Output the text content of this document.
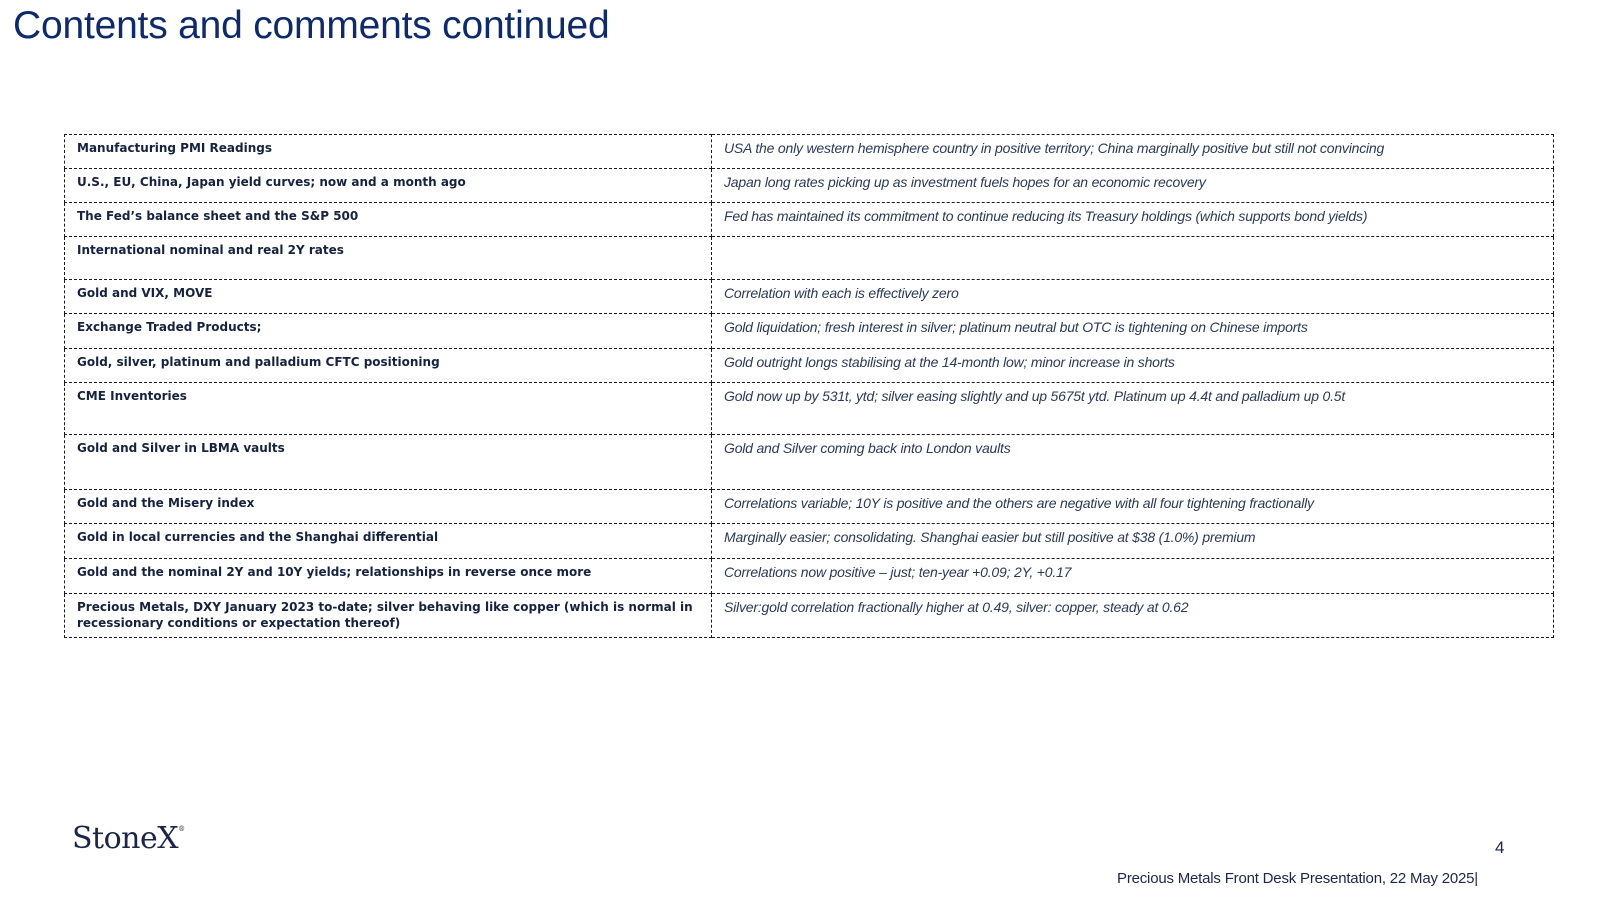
Contents and comments continued
Manufacturing PMI Readings	USA the only western hemisphere country in positive territory; China marginally positive but still not convincing
U.S., EU, China, Japan yield curves; now and a month ago	Japan long rates picking up as investment fuels hopes for an economic recovery
The Fed’s balance sheet and the S&P 500	Fed has maintained its commitment to continue reducing its Treasury holdings (which supports bond yields)
International nominal and real 2Y rates	
Gold and VIX, MOVE	Correlation with each is effectively zero
Exchange Traded Products;	Gold liquidation; fresh interest in silver; platinum neutral but OTC is tightening on Chinese imports
Gold, silver, platinum and palladium CFTC positioning	Gold outright longs stabilising at the 14-month low; minor increase in shorts
CME Inventories	Gold now up by 531t, ytd; silver easing slightly and up 5675t ytd. Platinum up 4.4t and palladium up 0.5t
Gold and Silver in LBMA vaults	Gold and Silver coming back into London vaults
Gold and the Misery index	Correlations variable; 10Y is positive and the others are negative with all four tightening fractionally
Gold in local currencies and the Shanghai differential	Marginally easier; consolidating. Shanghai easier but still positive at $38 (1.0%) premium
Gold and the nominal 2Y and 10Y yields; relationships in reverse once more	Correlations now positive – just; ten-year +0.09; 2Y, +0.17
Precious Metals, DXY January 2023 to-date; silver behaving like copper (which is normal in recessionary conditions or expectation thereof)	Silver:gold correlation fractionally higher at 0.49, silver: copper, steady at 0.62
StoneX®
4
Precious Metals Front Desk Presentation, 22 May 2025|
